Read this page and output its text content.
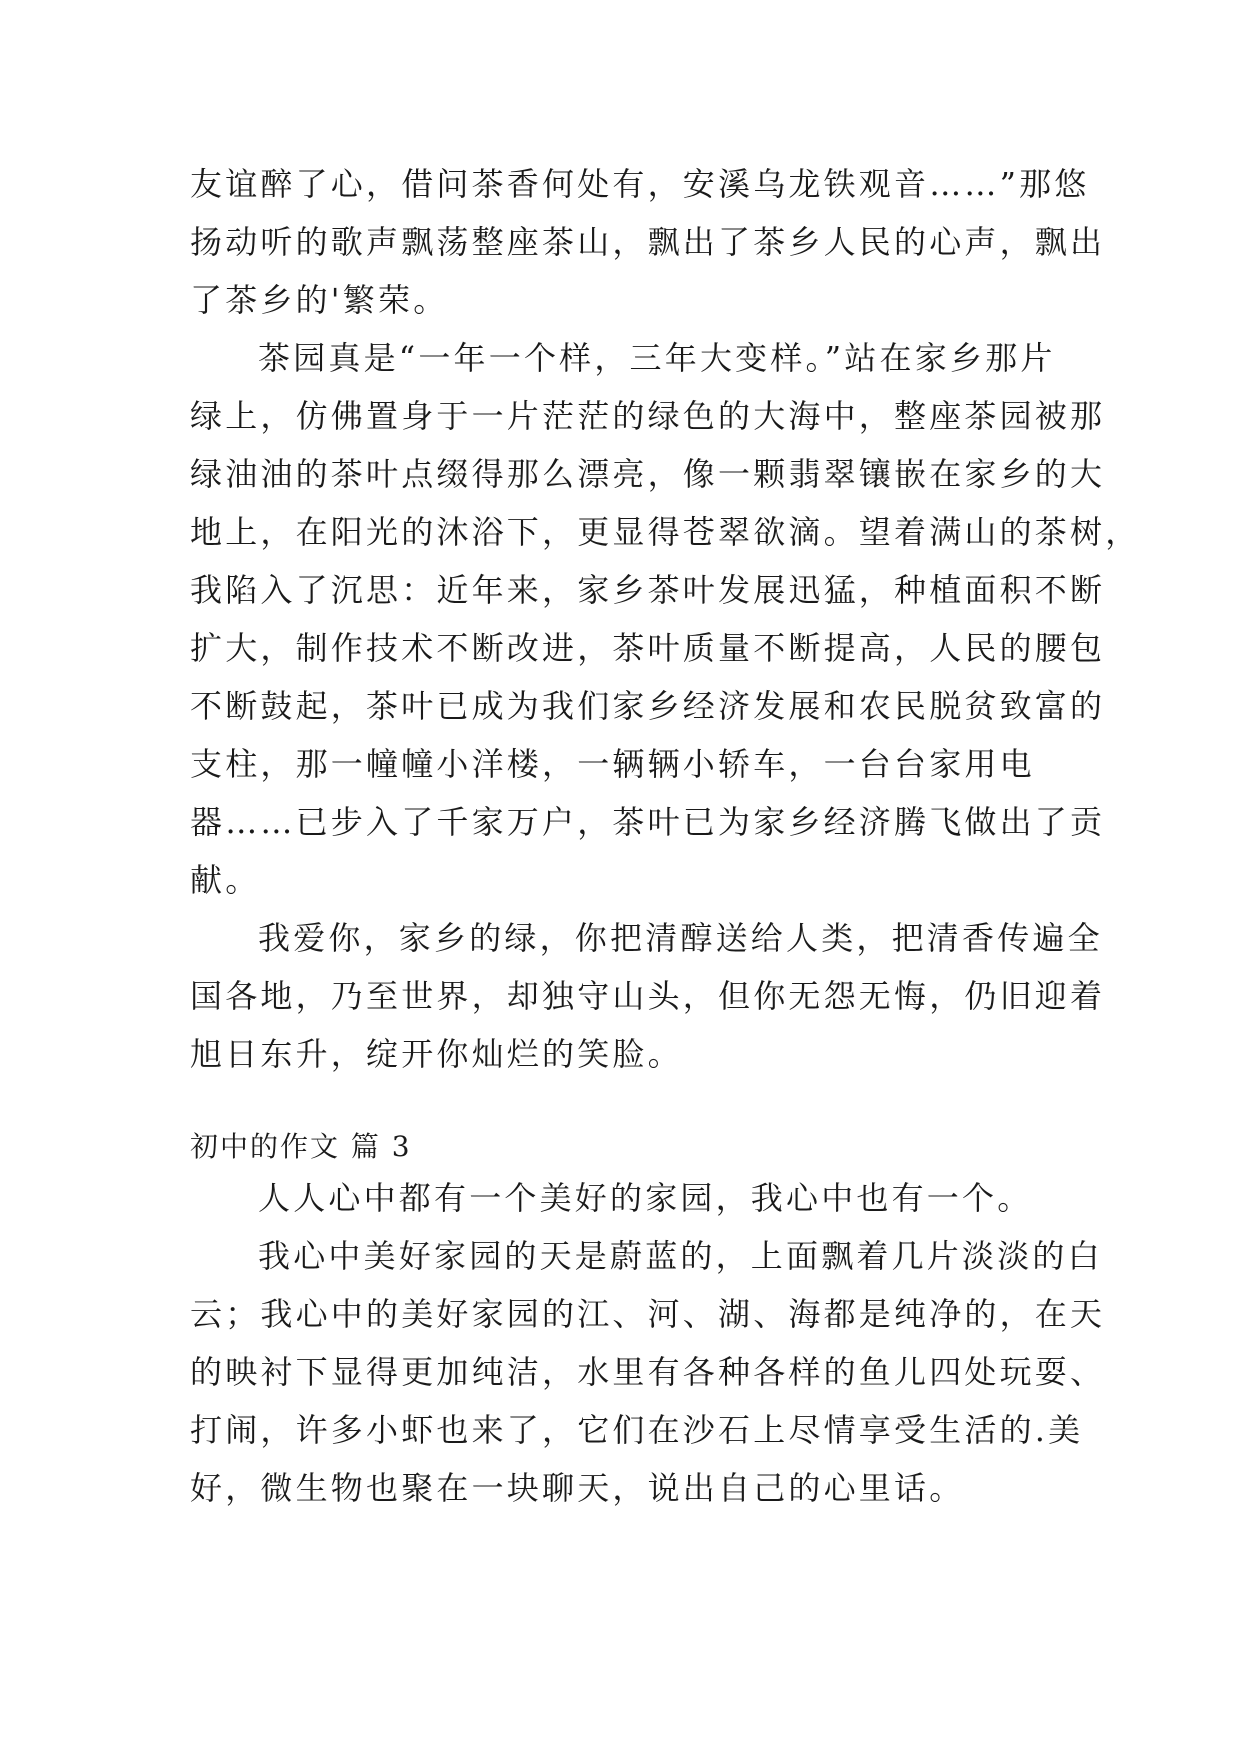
友谊醉了心，借问茶香何处有，安溪乌龙铁观音……”那悠
扬动听的歌声飘荡整座茶山，飘出了茶乡人民的心声，飘出
了茶乡的'繁荣。
茶园真是“一年一个样，三年大变样。”站在家乡那片
绿上，仿佛置身于一片茫茫的绿色的大海中，整座茶园被那
绿油油的茶叶点缀得那么漂亮，像一颗翡翠镶嵌在家乡的大
地上，在阳光的沐浴下，更显得苍翠欲滴。望着满山的茶树，
我陷入了沉思：近年来，家乡茶叶发展迅猛，种植面积不断
扩大，制作技术不断改进，茶叶质量不断提高，人民的腰包
不断鼓起，茶叶已成为我们家乡经济发展和农民脱贫致富的
支柱，那一幢幢小洋楼，一辆辆小轿车，一台台家用电
器……已步入了千家万户，茶叶已为家乡经济腾飞做出了贡
献。
我爱你，家乡的绿，你把清醇送给人类，把清香传遍全
国各地，乃至世界，却独守山头，但你无怨无悔，仍旧迎着
旭日东升，绽开你灿烂的笑脸。
初中的作文 篇 3
人人心中都有一个美好的家园，我心中也有一个。
我心中美好家园的天是蔚蓝的，上面飘着几片淡淡的白
云；我心中的美好家园的江、河、湖、海都是纯净的，在天
的映衬下显得更加纯洁，水里有各种各样的鱼儿四处玩耍、
打闹，许多小虾也来了，它们在沙石上尽情享受生活的.美
好，微生物也聚在一块聊天，说出自己的心里话。
